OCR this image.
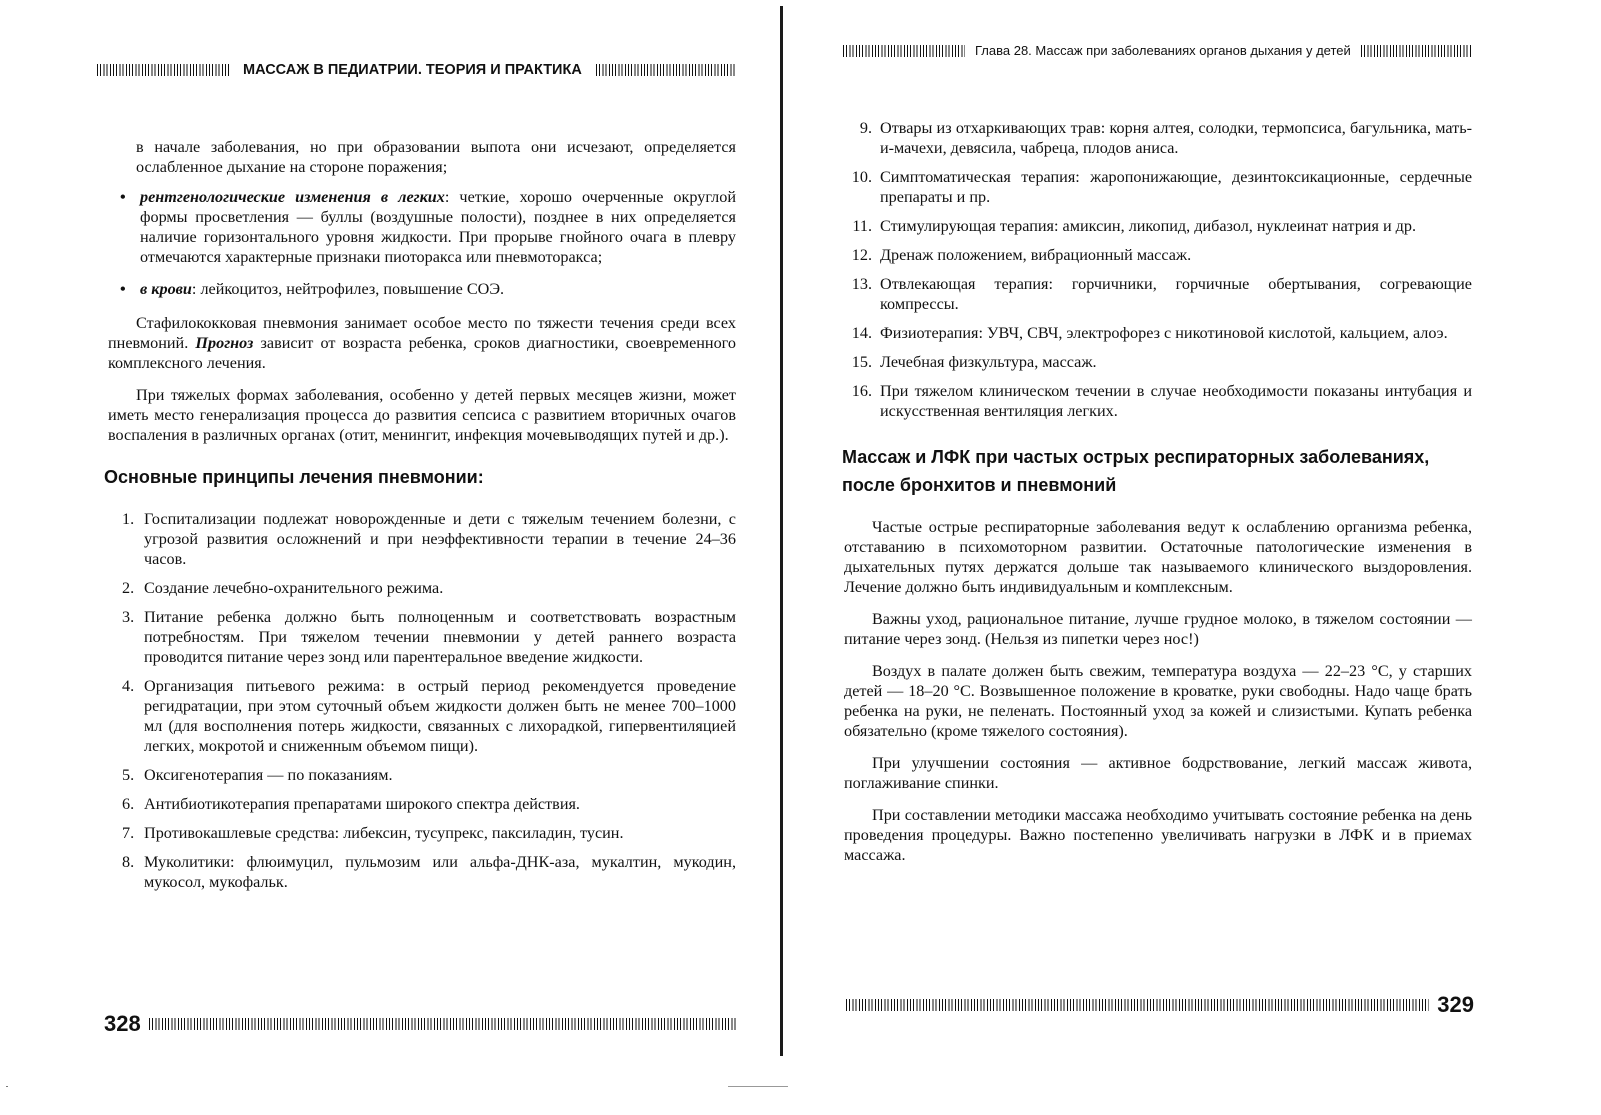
МАССАЖ В ПЕДИАТРИИ. ТЕОРИЯ И ПРАКТИКА
в начале заболевания, но при образовании выпота они исчезают, определяется ослабленное дыхание на стороне поражения;
• рентгенологические изменения в легких: четкие, хорошо очерченные округлой формы просветления — буллы (воздушные полости), позднее в них определяется наличие горизонтального уровня жидкости. При прорыве гнойного очага в плевру отмечаются характерные признаки пиоторакса или пневмоторакса;
• в крови: лейкоцитоз, нейтрофилез, повышение СОЭ.

Стафилококковая пневмония занимает особое место по тяжести течения среди всех пневмоний. Прогноз зависит от возраста ребенка, сроков диагностики, своевременного комплексного лечения.

При тяжелых формах заболевания, особенно у детей первых месяцев жизни, может иметь место генерализация процесса до развития сепсиса с развитием вторичных очагов воспаления в различных органах (отит, менингит, инфекция мочевыводящих путей и др.).

Основные принципы лечения пневмонии:
1. Госпитализации подлежат новорожденные и дети с тяжелым течением болезни, с угрозой развития осложнений и при неэффективности терапии в течение 24–36 часов.
2. Создание лечебно-охранительного режима.
3. Питание ребенка должно быть полноценным и соответствовать возрастным потребностям. При тяжелом течении пневмонии у детей раннего возраста проводится питание через зонд или парентеральное введение жидкости.
4. Организация питьевого режима: в острый период рекомендуется проведение регидратации, при этом суточный объем жидкости должен быть не менее 700–1000 мл (для восполнения потерь жидкости, связанных с лихорадкой, гипервентиляцией легких, мокротой и сниженным объемом пищи).
5. Оксигенотерапия — по показаниям.
6. Антибиотикотерапия препаратами широкого спектра действия.
7. Противокашлевые средства: либексин, тусупрекс, паксиладин, тусин.
8. Муколитики: флюимуцил, пульмозим или альфа-ДНК-аза, мукалтин, мукодин, мукосол, мукофальк.
328
Глава 28. Массаж при заболеваниях органов дыхания у детей
9. Отвары из отхаркивающих трав: корня алтея, солодки, термопсиса, багульника, мать-и-мачехи, девясила, чабреца, плодов аниса.
10. Симптоматическая терапия: жаропонижающие, дезинтоксикационные, сердечные препараты и пр.
11. Стимулирующая терапия: амиксин, ликопид, дибазол, нуклеинат натрия и др.
12. Дренаж положением, вибрационный массаж.
13. Отвлекающая терапия: горчичники, горчичные обертывания, согревающие компрессы.
14. Физиотерапия: УВЧ, СВЧ, электрофорез с никотиновой кислотой, кальцием, алоэ.
15. Лечебная физкультура, массаж.
16. При тяжелом клиническом течении в случае необходимости показаны интубация и искусственная вентиляция легких.
Массаж и ЛФК при частых острых респираторных заболеваниях,
после бронхитов и пневмоний

Частые острые респираторные заболевания ведут к ослаблению организма ребенка, отставанию в психомоторном развитии. Остаточные патологические изменения в дыхательных путях держатся дольше так называемого клинического выздоровления. Лечение должно быть индивидуальным и комплексным.

Важны уход, рациональное питание, лучше грудное молоко, в тяжелом состоянии — питание через зонд. (Нельзя из пипетки через нос!)

Воздух в палате должен быть свежим, температура воздуха — 22–23 °С, у старших детей — 18–20 °С. Возвышенное положение в кроватке, руки свободны. Надо чаще брать ребенка на руки, не пеленать. Постоянный уход за кожей и слизистыми. Купать ребенка обязательно (кроме тяжелого состояния).

При улучшении состояния — активное бодрствование, легкий массаж живота, поглаживание спинки.

При составлении методики массажа необходимо учитывать состояние ребенка на день проведения процедуры. Важно постепенно увеличивать нагрузки в ЛФК и в приемах массажа.

329
